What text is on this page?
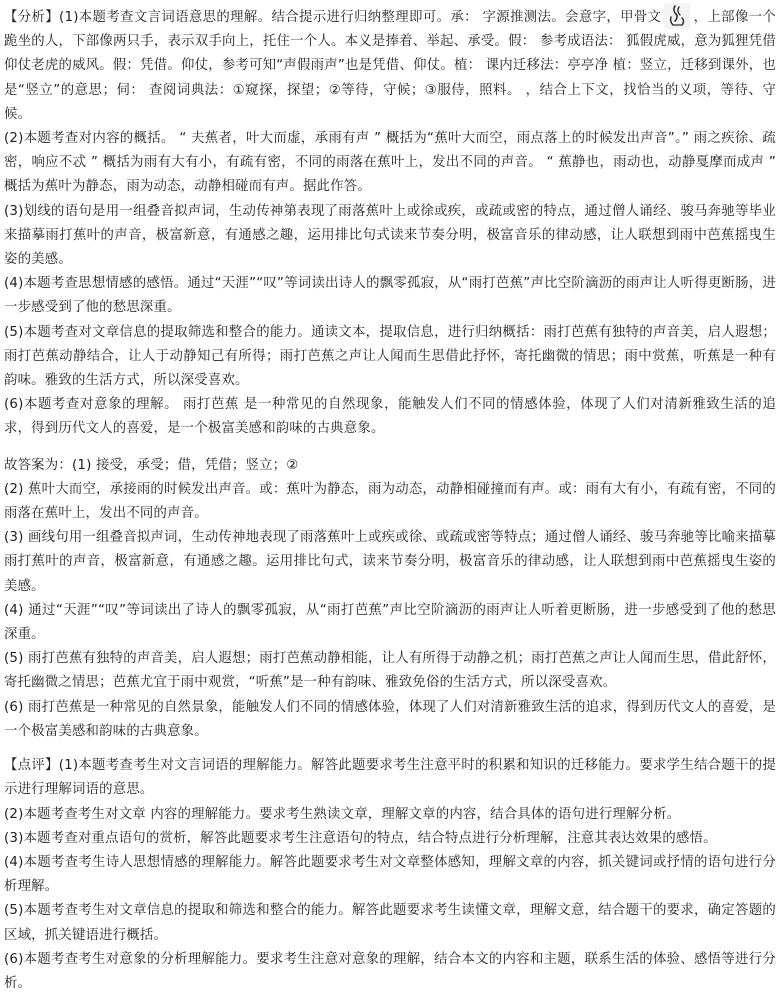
【分析】(1)本题考查文言词语意思的理解。结合提示进行归纳整理即可。承： 字源推测法。会意字，甲骨文 ，上部像一个跪坐的人，下部像两只手，表示双手向上，托住一个人。本义是捧着、举起、承受。假： 参考成语法： 狐假虎威，意为狐狸凭借仰仗老虎的威风。假：凭借。仰仗，参考可知“声假雨声”也是凭借、仰仗。植： 课内迁移法：亭亭净 植：竖立，迁移到课外，也是“竖立”的意思；伺： 查阅词典法：①窥探，探望；②等待，守候；③服侍，照料。 ，结合上下文，找恰当的义项，等待、守候。

(2)本题考查对内容的概括。 “ 夫蕉者，叶大而虚，承雨有声 ” 概括为“蕉叶大而空，雨点落上的时候发出声音”。” 雨之疾徐、疏密，响应不忒 ” 概括为雨有大有小，有疏有密，不同的雨落在蕉叶上，发出不同的声音。 “ 蕉静也，雨动也，动静戛摩而成声 ” 概括为蕉叶为静态，雨为动态，动静相碰而有声。据此作答。

(3)划线的语句是用一组叠音拟声词，生动传神第表现了雨落蕉叶上或徐或疾，或疏或密的特点，通过僧人诵经、骏马奔驰等毕业来描摹雨打蕉叶的声音，极富新意，有通感之趣，运用排比句式读来节奏分明，极富音乐的律动感，让人联想到雨中芭蕉摇曳生姿的美感。

(4)本题考查思想情感的感悟。通过“天涯”“叹”等词读出诗人的飘零孤寂，从“雨打芭蕉”声比空阶滴沥的雨声让人听得更断肠，进一步感受到了他的愁思深重。

(5)本题考查对文章信息的提取筛选和整合的能力。通读文本，提取信息，进行归纳概括：雨打芭蕉有独特的声音美，启人遐想；雨打芭蕉动静结合，让人于动静知己有所得；雨打芭蕉之声让人闻而生思借此抒怀，寄托幽微的情思；雨中赏蕉，听蕉是一种有韵味。雅致的生活方式，所以深受喜欢。

(6)本题考查对意象的理解。 雨打芭蕉 是一种常见的自然现象，能触发人们不同的情感体验，体现了人们对清新雅致生活的追求，得到历代文人的喜爱，是一个极富美感和韵味的古典意象。

故答案为：(1) 接受，承受；借，凭借；竖立；②

(2) 蕉叶大而空，承接雨的时候发出声音。或：蕉叶为静态，雨为动态，动静相碰撞而有声。或：雨有大有小，有疏有密，不同的雨落在蕉叶上，发出不同的声音。

(3) 画线句用一组叠音拟声词，生动传神地表现了雨落蕉叶上或疾或徐、或疏或密等特点；通过僧人诵经、骏马奔驰等比喻来描摹雨打蕉叶的声音，极富新意，有通感之趣。运用排比句式，读来节奏分明，极富音乐的律动感，让人联想到雨中芭蕉摇曳生姿的美感。

(4) 通过“天涯”“叹”等词读出了诗人的飘零孤寂，从“雨打芭蕉”声比空阶滴沥的雨声让人听着更断肠，进一步感受到了他的愁思深重。

(5) 雨打芭蕉有独特的声音美，启人遐想；雨打芭蕉动静相能，让人有所得于动静之机；雨打芭蕉之声让人闻而生思，借此舒怀，寄托幽微之情思；芭蕉尤宜于雨中观赏，“听蕉”是一种有韵味、雅致免俗的生活方式，所以深受喜欢。

(6) 雨打芭蕉是一种常见的自然景象，能触发人们不同的情感体验，体现了人们对清新雅致生活的追求，得到历代文人的喜爱，是一个极富美感和韵味的古典意象。

【点评】(1)本题考查考生对文言词语的理解能力。解答此题要求考生注意平时的积累和知识的迁移能力。要求学生结合题干的提示进行理解词语的意思。

(2)本题考查考生对文章 内容的理解能力。要求考生熟读文章，理解文章的内容，结合具体的语句进行理解分析。

(3)本题考查对重点语句的赏析，解答此题要求考生注意语句的特点，结合特点进行分析理解，注意其表达效果的感悟。

(4)本题考查考生诗人思想情感的理解能力。解答此题要求考生对文章整体感知，理解文章的内容，抓关键词或抒情的语句进行分析理解。

(5)本题考查考生对文章信息的提取和筛选和整合的能力。解答此题要求考生读懂文章，理解文意，结合题干的要求，确定答题的区域，抓关键语进行概括。

(6)本题考查考生对意象的分析理解能力。要求考生注意对意象的理解，结合本文的内容和主题，联系生活的体验、感悟等进行分析。
